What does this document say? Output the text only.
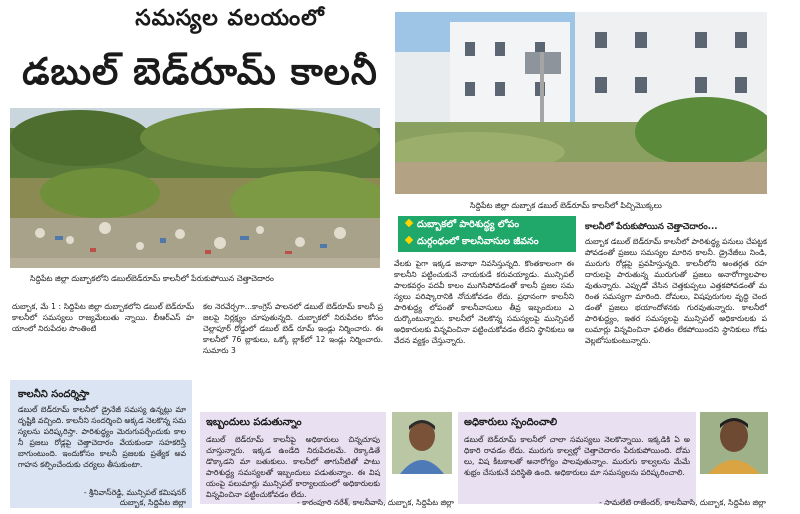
సమస్యల వలయంలో
డబుల్ బెడ్‌రూమ్ కాలనీ
సిద్దిపేట జిల్లా దుబ్బాకలోని డబుల్‌బెడ్‌రూమ్ కాలనీలో పేరుకుపోయిన చెత్తాచెదారం
సిద్దిపేట జిల్లా దుబ్బాక డబుల్ బెడ్‌రూమ్ కాలనీలో పిచ్చిమొక్కలు
దుబ్బాకలో పారిశుద్ధ్య లోపం
దుర్గంధంలో కాలనీవాసుల జీవనం
దుబ్బాక, మే 1 : సిద్దిపేట జిల్లా దుబ్బాకలోని డబుల్ బెడ్‌రూమ్ కాలనీలో సమస్యలు రాజ్యమేలుతు న్నాయి. బీఆర్ఎస్ హయాంలో నిరుపేదల సొంతింటి
కల నెరవేర్చగా...కాంగ్రెస్ పాలనలో డబుల్ బెడ్‌రూమ్ కాలనీ ప్రజలపై నిర్లక్ష్యం చూపుతున్నది. దుబ్బాకలో నిరుపేదల కోసం చెల్లాపూర్ రోడ్డులో డబుల్ బెడ్ రూమ్ ఇండ్లు నిర్మించారు. ఈ కాలనీలో 76 బ్లాకులు, ఒక్కో బ్లాక్‌లో 12 ఇండ్లు నిర్మించారు. సుమారు 3
వేలకు పైగా ఇక్కడ జనాభా నివసిస్తున్నది. కొంతకాలంగా ఈ కాలనీని పట్టించుకునే నాయకుడే కరువయ్యాడు. మున్సిపల్ పాలకవర్గం పదవీ కాలం ముగిసిపోవడంతో కాలనీ ప్రజల సమస్యలు పరిష్కారానికి నోచుకోవడం లేదు. ప్రధానంగా కాలనీని పారిశుద్ధ్య లోపంతో కాలనీవాసులు తీవ్ర ఇబ్బందులు ఎదుర్కొంటున్నారు. కాలనీలో నెలకొన్న సమస్యలపై మున్సిపల్ అధికారులకు విన్నవించినా పట్టించుకోవడం లేదని స్థానికులు ఆవేదన వ్యక్తం చేస్తున్నారు.
కాలనీలో పేరుకుపోయిన చెత్తాచెదారం...
దుబ్బాక డబుల్ బెడ్‌రూమ్ కాలనీలో పారిశుద్ధ్య పనులు చేపట్టకపోవడంతో ప్రజలు సమస్యల మారిన కాలనీ. డ్రైనేజీలు నిండి, మురుగు రోడ్లపై ప్రవహిస్తున్నది. కాలనీలోని అంతర్గత రహదారులపై పారుతున్న మురుగుతో ప్రజలు అనారోగ్యాలపాలవుతున్నారు. ఎప్పుడో వేసిన చెత్తకుప్పలు ఎత్తకపోవడంతో మరింత సమస్యగా మారింది. దోమలు, విషపురుగుల వృద్ధి చెందడంతో ప్రజలు భయాందోళనకు గురవుతున్నారు. కాలనీలో పారిశుద్ధ్యం, ఇతర సమస్యలపై మున్సిపల్ అధికారులకు పలుమార్లు విన్నవించినా ఫలితం లేకపోయిందని స్థానికులు గోడు వెల్లబోసుకుంటున్నారు.
కాలనీని సందర్శిస్తా
డబుల్ బెడ్‌రూమ్ కాలనీలో డ్రైనేజీ సమస్య ఉన్నట్లు మా దృష్టికి వచ్చింది. కాలనీని సందర్శించి అక్కడ నెలకొన్న సమస్యలను పరిష్కరిస్తా. పారిశుద్ధ్యం మెరుగుపర్చేందుకు కాలనీ ప్రజలు రోడ్లపై చెత్తాచెదారం వేయకుండా సహకరిస్తే బాగుంటుంది. ఇందుకోసం కాలనీ ప్రజలకు ప్రత్యేక అవగాహన కల్పించేందుకు చర్యలు తీసుకుంటా.
- శ్రీనివాస్‌రెడ్డి, మున్సిపల్ కమిషనర్
దుబ్బాక, సిద్దిపేట జిల్లా
ఇబ్బందులు పడుతున్నాం
డబుల్ బెడ్‌రూమ్ కాలనీపై అధికారులు చిన్నచూపు చూస్తున్నారు. ఇక్కడ ఉండేది నిరుపేదలమే. రెక్కాడితే డొక్కాడని మా బతుకులు. కాలనీలో తాగునీటితో పాటు పారిశుద్ధ్య సమస్యలతో ఇబ్బందులు పడుతున్నాం. ఈ విషయంపై పలుమార్లు మున్సిపల్ కార్యాలయంలో అధికారులకు విన్నవించినా పట్టించుకోవడం లేదు.
- కారంపూరి నరేశ్, కాలనీవాసి, దుబ్బాక, సిద్దిపేట జిల్లా
అధికారులు స్పందించాలి
డబుల్ బెడ్‌రూమ్ కాలనీలో చాలా సమస్యలు నెలకొన్నాయి. ఇక్కడికి ఏ అధికారి రావడం లేదు. మురుగు కాల్వల్లో చెత్తాచెదారం పేరుకుపోయింది. దోమలు, విష కీటకాలతో అనారోగ్యం పాలవుతున్నాం. మురుగు కాల్వలను మేమే శుభ్రం చేసుకునే పరిస్థితి ఉంది. అధికారులు మా సమస్యలను పరిష్కరించాలి.
- సామలేటి రాజేందర్, కాలనీవాసి, దుబ్బాక, సిద్దిపేట జిల్లా
